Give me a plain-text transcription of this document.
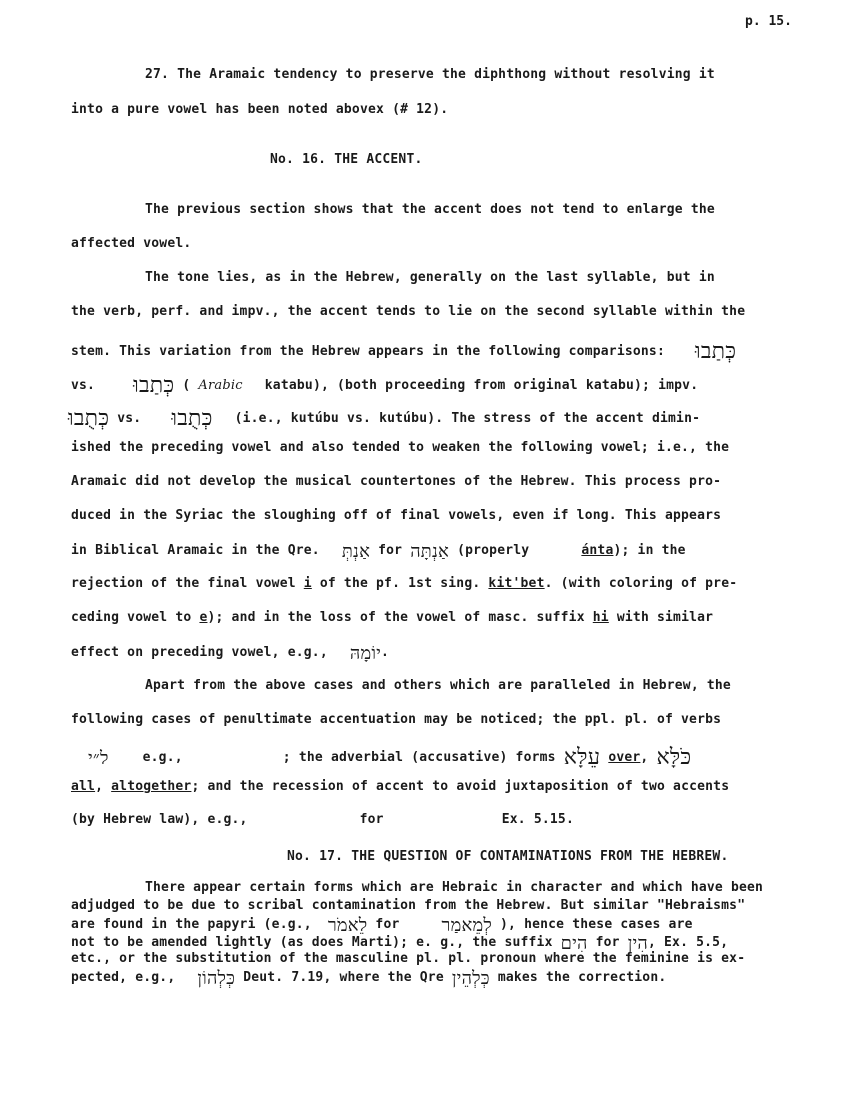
p. 15.
27. The Aramaic tendency to preserve the diphthong without resolving it
into a pure vowel has been noted abovex (# 12).
No. 16. THE ACCENT.
The previous section shows that the accent does not tend to enlarge the
affected vowel.
The tone lies, as in the Hebrew, generally on the last syllable, but in
the verb, perf. and impv., the accent tends to lie on the second syllable within the
stem. This variation from the Hebrew appears in the following comparisons: כְּתַבוּ
vs. כְּתַבוּ ( Arabic katabu), (both proceeding from original katabu); impv.
כְּתֻבוּ vs. כְּתֻבוּ (i.e., kutúbu vs. kutúbu). The stress of the accent dimin-
ished the preceding vowel and also tended to weaken the following vowel; i.e., the
Aramaic did not develop the musical countertones of the Hebrew. This process pro-
duced in the Syriac the sloughing off of final vowels, even if long. This appears
in Biblical Aramaic in the Qre. אַנְתְּ for אַנְתָּה (properly	ánta); in the
rejection of the final vowel i of the pf. 1st sing. kit'bet. (with coloring of pre-
ceding vowel to e); and in the loss of the vowel of masc. suffix hi with similar
effect on preceding vowel, e.g., יוֹמָהּ.
Apart from the above cases and others which are paralleled in Hebrew, the
following cases of penultimate accentuation may be noticed; the ppl. pl. of verbs
ל״י	e.g.,	; the adverbial (accusative) forms עֵלָּא over, כֹּלָּא
all, altogether; and the recession of accent to avoid juxtaposition of two accents
(by Hebrew law), e.g.,	for	Ex. 5.15.
No. 17. THE QUESTION OF CONTAMINATIONS FROM THE HEBREW.
There appear certain forms which are Hebraic in character and which have been
adjudged to be due to scribal contamination from the Hebrew. But similar "Hebraisms"
are found in the papyri (e.g., לֵאמֹר for לְמֵאמַר ), hence these cases are
not to be amended lightly (as does Marti); e. g., the suffix הִים for הִין, Ex. 5.5,
etc., or the substitution of the masculine pl. pl. pronoun where the feminine is ex-
pected, e.g., כְּלְהוֹן Deut. 7.19, where the Qre כְּלְהֵין makes the correction.
